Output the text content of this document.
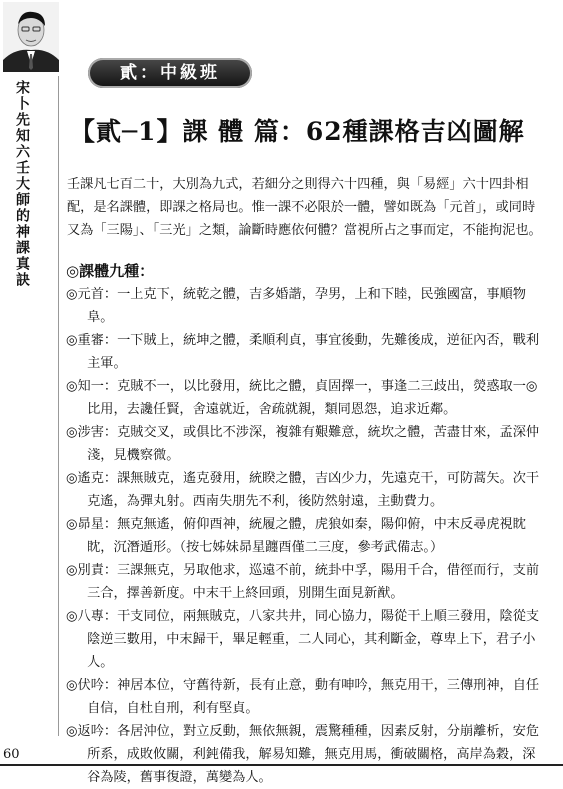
宋卜先知六壬大師的神課真訣
貳：中級班
【貳─1】課 體 篇：62種課格吉凶圖解

壬課凡七百二十，大別為九式，若細分之則得六十四種，與「易經」六十四卦相配，是名課體，即課之格局也。惟一課不必限於一體，譬如既為「元首」，或同時又為「三陽」、「三光」之類，論斷時應依何體？當視所占之事而定，不能拘泥也。

◎課體九種：
◎元首：一上克下，統乾之體，吉多婚諧，孕男，上和下睦，民強國富，事順物阜。
◎重審：一下賊上，統坤之體，柔順利貞，事宜後動，先難後成，逆征內否，戰利主軍。
◎知一：克賊不一，以比發用，統比之體，貞固擇一，事逢二三歧出，熒惑取一◎比用，去讒任賢，舍遠就近，舍疏就親，類同恩怨，追求近鄰。
◎涉害：克賊交叉，或俱比不涉深，複雜有艱難意，統坎之體，苦盡甘來，孟深仲淺，見機察微。
◎遙克：課無賊克，遙克發用，統睽之體，吉凶少力，先遠克干，可防蒿矢。次干克遙，為彈丸射。西南失朋先不利，後防然射遠，主動費力。
◎昴星：無克無遙，俯仰酉神，統履之體，虎狼如秦，陽仰俯，中末反尋虎視眈眈，沉潛遁形。（按七姊妹昴星躔酉僅二三度，參考武備志。）
◎別責：三課無克，另取他求，巡遠不前，統卦中孚，陽用千合，借徑而行，支前三合，擇善新度。中末干上終回頭，別開生面見新猷。
◎八專：干支同位，兩無賊克，八家共井，同心協力，陽從干上順三發用，陰從支陰逆三數用，中末歸干，畢足輕重，二人同心，其利斷金，尊卑上下，君子小人。
◎伏吟：神居本位，守舊待新，長有止意，動有呻吟，無克用干，三傳刑神，自任自信，自杜自刑，利有堅貞。
◎返吟：各居沖位，對立反動，無依無親，震驚種種，因素反射，分崩離析，安危所系，成敗攸關，利鈍備我，解易知難，無克用馬，衝破關格，高岸為穀，深谷為陵，舊事復證，萬變為人。
60
